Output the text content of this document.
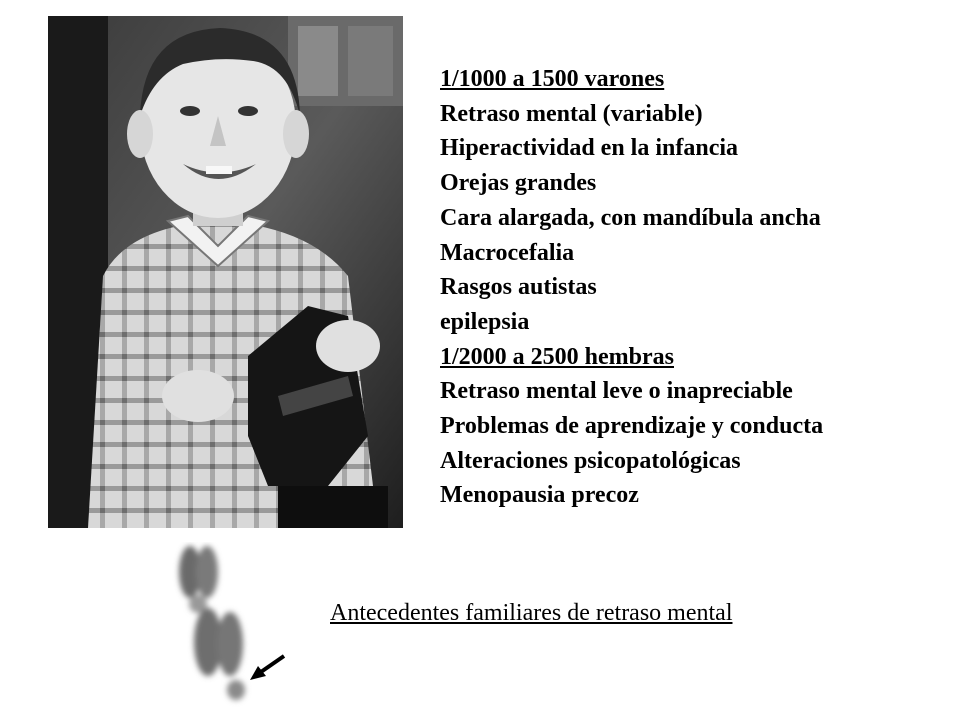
1/1000 a 1500 varones
Retraso mental (variable)
Hiperactividad en la infancia
Orejas grandes
Cara alargada, con mandíbula ancha
Macrocefalia
Rasgos autistas
epilepsia
1/2000 a 2500 hembras
Retraso mental leve o inapreciable
Problemas de aprendizaje y conducta
Alteraciones psicopatológicas
Menopausia precoz
Antecedentes familiares de retraso mental
